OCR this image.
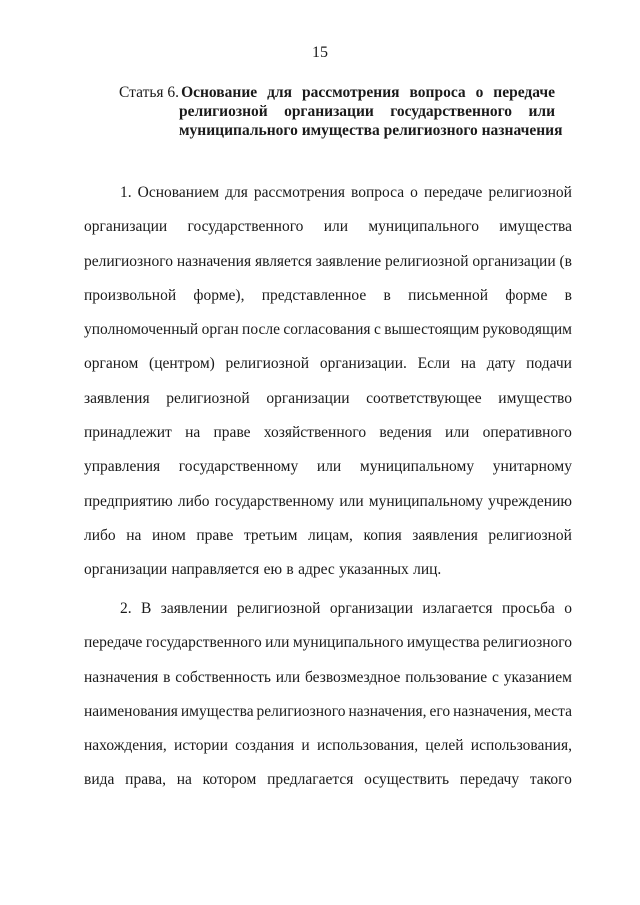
15
Статья 6. Основание для рассмотрения вопроса о передаче
религиозной организации государственного или
муниципального имущества религиозного назначения
1. Основанием для рассмотрения вопроса о передаче религиозной
организации государственного или муниципального имущества
религиозного назначения является заявление религиозной организации (в
произвольной форме), представленное в письменной форме в
уполномоченный орган после согласования с вышестоящим руководящим
органом (центром) религиозной организации. Если на дату подачи
заявления религиозной организации соответствующее имущество
принадлежит на праве хозяйственного ведения или оперативного
управления государственному или муниципальному унитарному
предприятию либо государственному или муниципальному учреждению
либо на ином праве третьим лицам, копия заявления религиозной
организации направляется ею в адрес указанных лиц.
2. В заявлении религиозной организации излагается просьба о
передаче государственного или муниципального имущества религиозного
назначения в собственность или безвозмездное пользование с указанием
наименования имущества религиозного назначения, его назначения, места
нахождения, истории создания и использования, целей использования,
вида права, на котором предлагается осуществить передачу такого
